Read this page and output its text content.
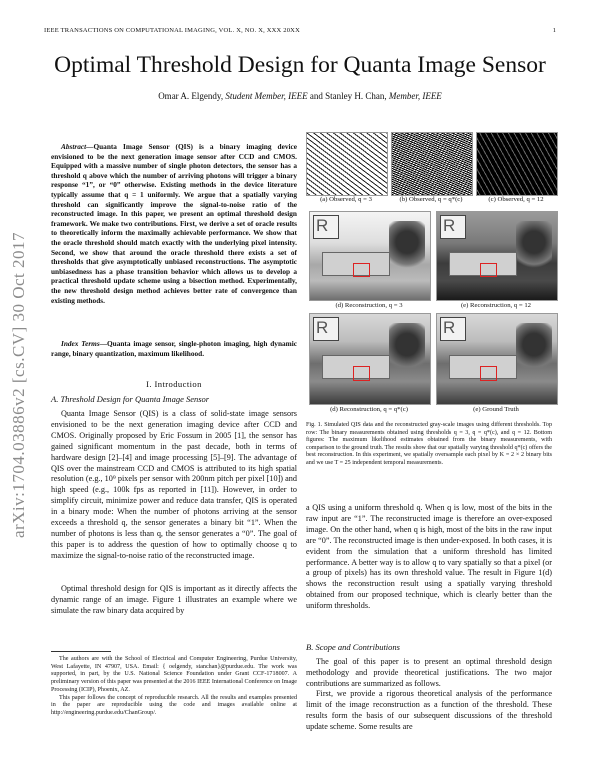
IEEE TRANSACTIONS ON COMPUTATIONAL IMAGING, VOL. X, NO. X, XXX 20XX	1
arXiv:1704.03886v2 [cs.CV] 30 Oct 2017
Optimal Threshold Design for Quanta Image Sensor
Omar A. Elgendy, Student Member, IEEE and Stanley H. Chan, Member, IEEE
Abstract—Quanta Image Sensor (QIS) is a binary imaging device envisioned to be the next generation image sensor after CCD and CMOS. Equipped with a massive number of single photon detectors, the sensor has a threshold q above which the number of arriving photons will trigger a binary response “1”, or “0” otherwise. Existing methods in the device literature typically assume that q = 1 uniformly. We argue that a spatially varying threshold can significantly improve the signal-to-noise ratio of the reconstructed image. In this paper, we present an optimal threshold design framework. We make two contributions. First, we derive a set of oracle results to theoretically inform the maximally achievable performance. We show that the oracle threshold should match exactly with the underlying pixel intensity. Second, we show that around the oracle threshold there exists a set of thresholds that give asymptotically unbiased reconstructions. The asymptotic unbiasedness has a phase transition behavior which allows us to develop a practical threshold update scheme using a bisection method. Experimentally, the new threshold design method achieves better rate of convergence than existing methods.
Index Terms—Quanta image sensor, single-photon imaging, high dynamic range, binary quantization, maximum likelihood.
I. Introduction
A. Threshold Design for Quanta Image Sensor
Quanta Image Sensor (QIS) is a class of solid-state image sensors envisioned to be the next generation imaging device after CCD and CMOS. Originally proposed by Eric Fossum in 2005 [1], the sensor has gained significant momentum in the past decade, both in terms of hardware design [2]–[4] and image processing [5]–[9]. The advantage of QIS over the mainstream CCD and CMOS is attributed to its high spatial resolution (e.g., 10⁹ pixels per sensor with 200nm pitch per pixel [10]) and high speed (e.g., 100k fps as reported in [11]). However, in order to simplify circuit, minimize power and reduce data transfer, QIS is operated in a binary mode: When the number of photons arriving at the sensor exceeds a threshold q, the sensor generates a binary bit “1”. When the number of photons is less than q, the sensor generates a “0”. The goal of this paper is to address the question of how to optimally choose q to maximize the signal-to-noise ratio of the reconstructed image.
Optimal threshold design for QIS is important as it directly affects the dynamic range of an image. Figure 1 illustrates an example where we simulate the raw binary data acquired by
The authors are with the School of Electrical and Computer Engineering, Purdue University, West Lafayette, IN 47907, USA. Email: { oelgendy, stanchan}@purdue.edu. The work was supported, in part, by the U.S. National Science Foundation under Grant CCF-1718007. A preliminary version of this paper was presented at the 2016 IEEE International Conference on Image Processing (ICIP), Phoenix, AZ.
This paper follows the concept of reproducible research. All the results and examples presented in the paper are reproducible using the code and images available online at http://engineering.purdue.edu/ChanGroup/.
(a) Observed, q = 3	(b) Observed, q = q*(c)	(c) Observed, q = 12
R
(d) Reconstruction, q = 3
R	(e) Reconstruction, q = 12
R
(d) Reconstruction, q = q*(c)
R	(e) Ground Truth
Fig. 1. Simulated QIS data and the reconstructed gray-scale images using different thresholds. Top row: The binary measurements obtained using thresholds q = 3, q = q*(c), and q = 12. Bottom figures: The maximum likelihood estimates obtained from the binary measurements, with comparison to the ground truth. The results show that our spatially varying threshold q*(c) offers the best reconstruction. In this experiment, we spatially oversample each pixel by K = 2 × 2 binary bits and we use T = 25 independent temporal measurements.
a QIS using a uniform threshold q. When q is low, most of the bits in the raw input are “1”. The reconstructed image is therefore an over-exposed image. On the other hand, when q is high, most of the bits in the raw input are “0”. The reconstructed image is then under-exposed. In both cases, it is evident from the simulation that a uniform threshold has limited performance. A better way is to allow q to vary spatially so that a pixel (or a group of pixels) has its own threshold value. The result in Figure 1(d) shows the reconstruction result using a spatially varying threshold obtained from our proposed technique, which is clearly better than the uniform thresholds.
B. Scope and Contributions
The goal of this paper is to present an optimal threshold design methodology and provide theoretical justifications. The two major contributions are summarized as follows.
First, we provide a rigorous theoretical analysis of the performance limit of the image reconstruction as a function of the threshold. These results form the basis of our subsequent discussions of the threshold update scheme. Some results are
